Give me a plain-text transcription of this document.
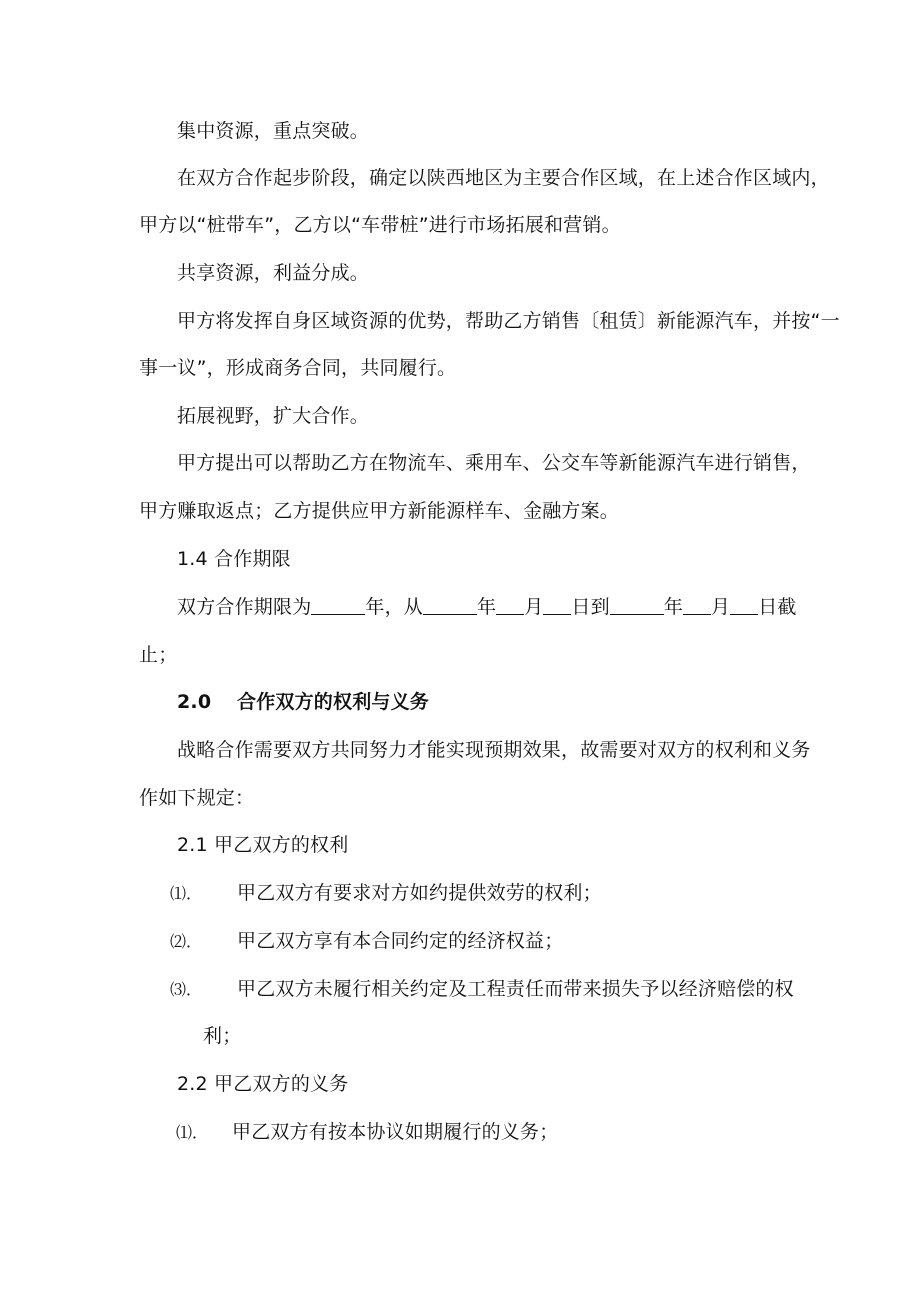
集中资源，重点突破。
在双方合作起步阶段，确定以陕西地区为主要合作区域，在上述合作区域内，
甲方以“桩带车”，乙方以“车带桩”进行市场拓展和营销。
共享资源，利益分成。
甲方将发挥自身区域资源的优势，帮助乙方销售〔租赁〕新能源汽车，并按“一
事一议”，形成商务合同，共同履行。
拓展视野，扩大合作。
甲方提出可以帮助乙方在物流车、乘用车、公交车等新能源汽车进行销售，
甲方赚取返点；乙方提供应甲方新能源样车、金融方案。
1.4 合作期限
双方合作期限为	年，从	年 月 日到	年 月 日截
止；
2.0 合作双方的权利与义务
战略合作需要双方共同努力才能实现预期效果，故需要对双方的权利和义务
作如下规定：
2.1 甲乙双方的权利
⑴． 甲乙双方有要求对方如约提供效劳的权利；
⑵． 甲乙双方享有本合同约定的经济权益；
⑶． 甲乙双方未履行相关约定及工程责任而带来损失予以经济赔偿的权
利；
2.2 甲乙双方的义务
⑴． 甲乙双方有按本协议如期履行的义务；
